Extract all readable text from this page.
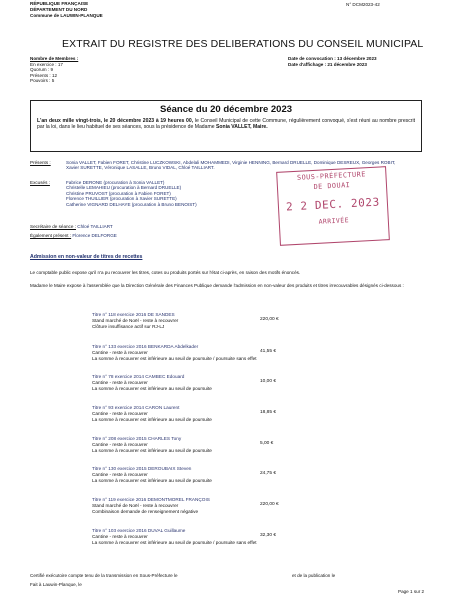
RÉPUBLIQUE FRANÇAISE
DÉPARTEMENT DU NORD
Commune de LAUWIN-PLANQUE
N° DCM2023-42
EXTRAIT DU REGISTRE DES DELIBERATIONS DU CONSEIL MUNICIPAL
Nombre de Membres :
En exercice : 17
Quorum : 9
Présents : 12
Pouvoirs : 5
Date de convocation : 13 décembre 2023
Date d'affichage : 21 décembre 2023
Séance du 20 décembre 2023
L'an deux mille vingt-trois, le 20 décembre 2023 à 19 heures 00, le Conseil Municipal de cette Commune, régulièrement convoqué, s'est réuni au nombre prescrit par la loi, dans le lieu habituel de ses séances, sous la présidence de Madame Sonia VALLET, Maire.
Présents :	Sonia VALLET, Fabien FORET, Christine LUCZKOWSKI, Abdelali MOHAMMEDI, Virginie HENNING, Bernard DRUELLE, Dominique DESREUX, Georges ROBIT, Xavier SURETTE, Véronique LASALLE, Bruno VIDAL, Chloé TAILLIART.
Excusés :	Fabrice DERONE (procuration à Sonia VALLET)
Christelle LEMAHIEU (procuration à Bernard DRUELLE)
Christine PRUVOST (procuration à Fabien FORET)
Florence THUILLIER (procuration à Xavier SURETTE)
Catherine VIGNARD DELHAYE (procuration à Bruno BENOIST)
Secrétaire de séance : Chloé TAILLIART
Également présent : Florence DELFORGE
SOUS-PRÉFECTURE
DE DOUAI
2 2 DEC. 2023
ARRIVÉE
Admission en non-valeur de titres de recettes
Le comptable public expose qu'il n'a pu recouvrer les titres, cotes ou produits portés sur l'état ci-après, en raison des motifs énoncés.
Madame le Maire expose à l'assemblée que la Direction Générale des Finances Publique demande l'admission en non-valeur des produits et titres irrecouvrables désignés ci-dessous :
Titre n° 118 exercice 2016 DE SANDES
Stand marché de Noël - reste à recouvrer
Clôture insuffisance actif sur RJ-LJ
220,00 €
Titre n° 133 exercice 2016 BENKARDA Abdelkader
Cantine - reste à recouvrer
La somme à recouvrer est inférieure au seuil de poursuite / poursuite sans effet
41,55 €
Titre n° 78 exercice 2014 CAMBEC Edouard
Cantine - reste à recouvrer
La somme à recouvrer est inférieure au seuil de poursuite
10,00 €
Titre n° 93 exercice 2014 CARON Laurent
Cantine - reste à recouvrer
La somme à recouvrer est inférieure au seuil de poursuite
18,85 €
Titre n° 208 exercice 2015 CHARLES Tony
Cantine - reste à recouvrer
La somme à recouvrer est inférieure au seuil de poursuite
5,00 €
Titre n° 130 exercice 2015 DEROUBAIX Steven
Cantine - reste à recouvrer
La somme à recouvrer est inférieure au seuil de poursuite
24,75 €
Titre n° 119 exercice 2016 DEMONTMOREL FRANÇOIS
Stand marché de Noël - reste à recouvrer
Combinaison demande de renseignement négative
220,00 €
Titre n° 103 exercice 2016 DUVAL Guillaume
Cantine - reste à recouvrer
La somme à recouvrer est inférieure au seuil de poursuite / poursuite sans effet
32,30 €
Certifié exécutoire compte tenu de la transmission en Sous-Préfecture le	et de la publication le
Fait à Lauwin-Planque, le
Page 1 sur 2
